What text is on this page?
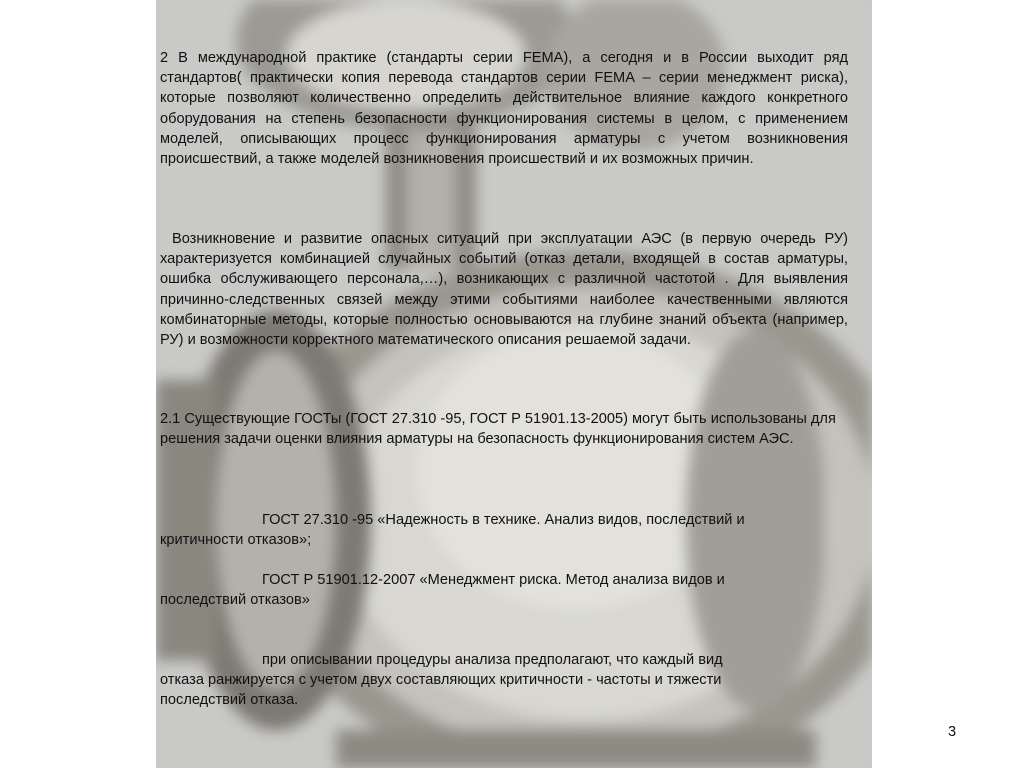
2 В международной практике (стандарты серии FEMA), а сегодня и в России выходит ряд стандартов( практически копия перевода стандартов серии FEMA – серии менеджмент риска), которые позволяют количественно определить действительное влияние каждого конкретного оборудования на степень безопасности функционирования системы в целом, с применением моделей, описывающих процесс функционирования арматуры с учетом возникновения происшествий, а также моделей возникновения происшествий и их возможных причин.
Возникновение и развитие опасных ситуаций при эксплуатации АЭС (в первую очередь РУ) характеризуется комбинацией случайных событий (отказ детали, входящей в состав арматуры, ошибка обслуживающего персонала,…), возникающих с различной частотой . Для выявления причинно-следственных связей между этими событиями наиболее качественными являются комбинаторные методы, которые полностью основываются на глубине знаний объекта (например, РУ) и возможности корректного математического описания решаемой задачи.
2.1 Существующие ГОСТы (ГОСТ 27.310 -95, ГОСТ Р 51901.13-2005) могут быть использованы для решения задачи оценки влияния арматуры на безопасность функционирования систем АЭС.
ГОСТ 27.310 -95 «Надежность в технике. Анализ видов, последствий и
критичности отказов»;
ГОСТ Р 51901.12-2007 «Менеджмент риска. Метод анализа видов и
последствий отказов»
при описывании процедуры анализа предполагают, что каждый вид
отказа ранжируется с учетом двух составляющих критичности - частоты и тяжести
последствий отказа.
3
